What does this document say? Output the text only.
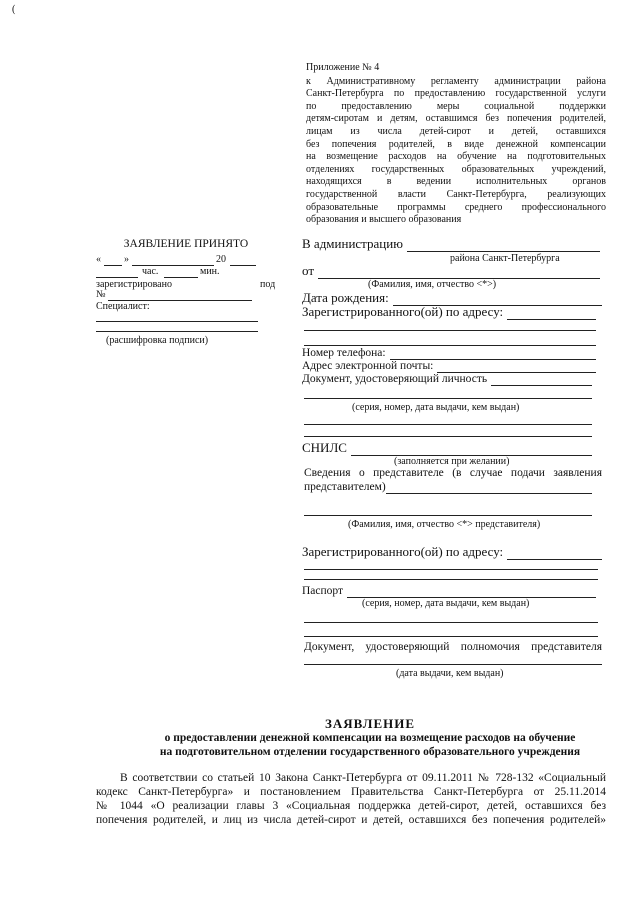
(
Приложение № 4
к Административному регламенту администрации района
Санкт-Петербурга по предоставлению государственной услуги
по предоставлению меры социальной поддержки
детям-сиротам и детям, оставшимся без попечения родителей,
лицам из числа детей-сирот и детей, оставшихся
без попечения родителей, в виде денежной компенсации
на возмещение расходов на обучение на подготовительных
отделениях государственных образовательных учреждений,
находящихся в ведении исполнительных органов
государственной власти Санкт-Петербурга, реализующих
образовательные программы среднего профессионального
образования и высшего образования
ЗАЯВЛЕНИЕ ПРИНЯТО
« »	20
час.	мин.
зарегистрировано	под
№
Специалист:
(расшифровка подписи)
В администрацию
района Санкт-Петербурга
от
(Фамилия, имя, отчество <*>)
Дата рождения:
Зарегистрированного(ой) по адресу:
Номер телефона:
Адрес электронной почты:
Документ, удостоверяющий личность
(серия, номер, дата выдачи, кем выдан)
СНИЛС
(заполняется при желании)
Сведения о представителе (в случае подачи заявления
представителем)
(Фамилия, имя, отчество <*> представителя)
Зарегистрированного(ой) по адресу:
Паспорт
(серия, номер, дата выдачи, кем выдан)
Документ, удостоверяющий полномочия представителя
(дата выдачи, кем выдан)
ЗАЯВЛЕНИЕ
о предоставлении денежной компенсации на возмещение расходов на обучение
на подготовительном отделении государственного образовательного учреждения
В соответствии со статьей 10 Закона Санкт-Петербурга от 09.11.2011 № 728-132 «Социальный
кодекс Санкт-Петербурга» и постановлением Правительства Санкт-Петербурга от 25.11.2014
№ 1044 «О реализации главы 3 «Социальная поддержка детей-сирот, детей, оставшихся без
попечения родителей, и лиц из числа детей-сирот и детей, оставшихся без попечения родителей»
